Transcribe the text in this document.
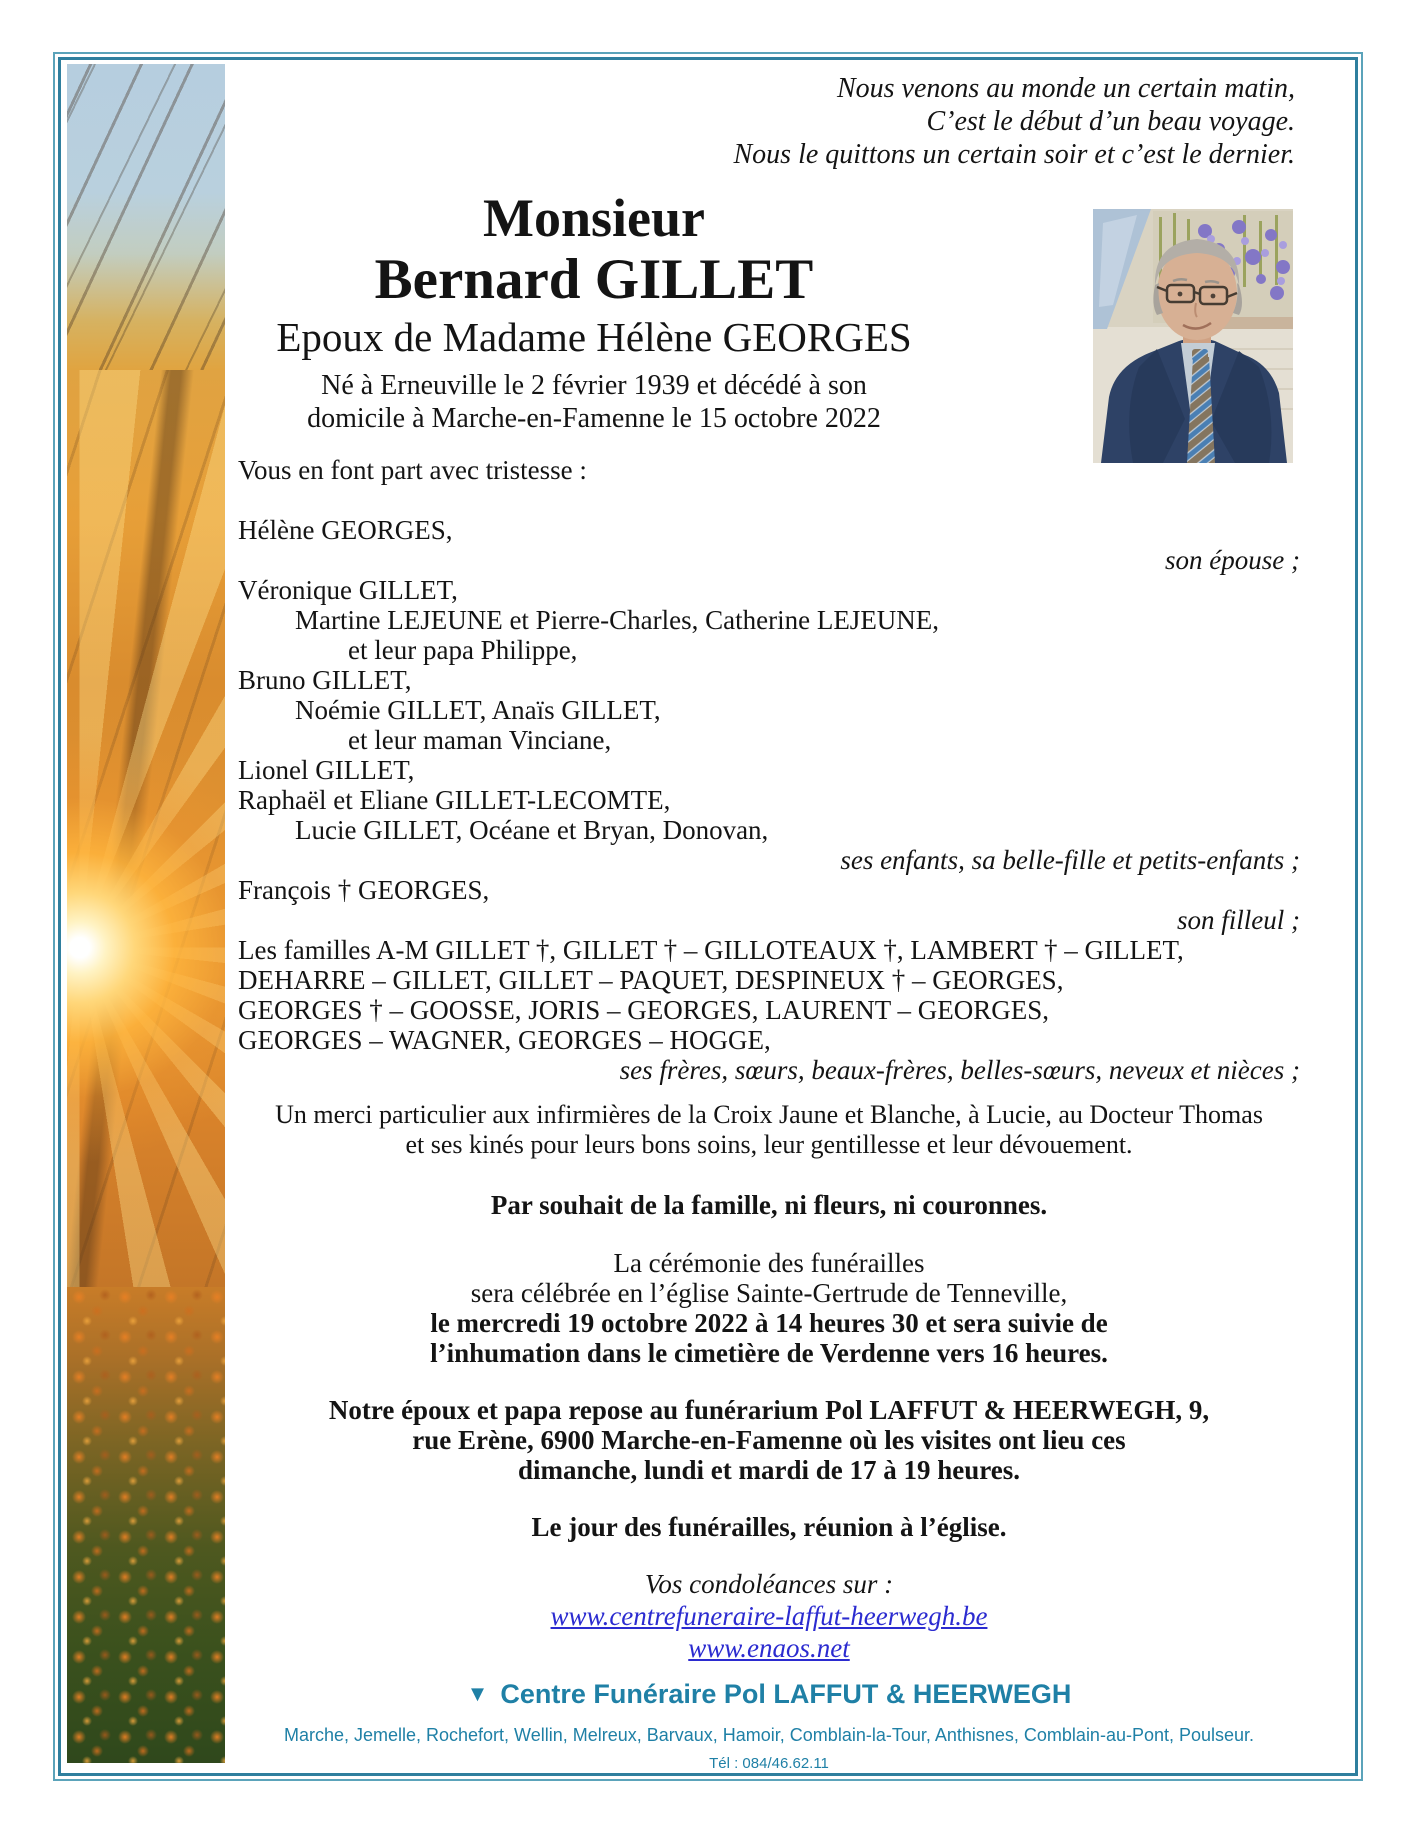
Nous venons au monde un certain matin,
C’est le début d’un beau voyage.
Nous le quittons un certain soir et c’est le dernier.
Monsieur
Bernard GILLET
Epoux de Madame Hélène GEORGES
Né à Erneuville le 2 février 1939 et décédé à son
domicile à Marche-en-Famenne le 15 octobre 2022
Vous en font part avec tristesse :
Hélène GEORGES,
son épouse ;
Véronique GILLET,
Martine LEJEUNE et Pierre-Charles, Catherine LEJEUNE,
et leur papa Philippe,
Bruno GILLET,
Noémie GILLET, Anaïs GILLET,
et leur maman Vinciane,
Lionel GILLET,
Raphaël et Eliane GILLET-LECOMTE,
Lucie GILLET, Océane et Bryan, Donovan,
ses enfants, sa belle-fille et petits-enfants ;
François † GEORGES,
son filleul ;
Les familles A-M GILLET †, GILLET † – GILLOTEAUX †, LAMBERT † – GILLET,
DEHARRE – GILLET, GILLET – PAQUET, DESPINEUX † – GEORGES,
GEORGES † – GOOSSE, JORIS – GEORGES, LAURENT – GEORGES,
GEORGES – WAGNER, GEORGES – HOGGE,
ses frères, sœurs, beaux-frères, belles-sœurs, neveux et nièces ;
Un merci particulier aux infirmières de la Croix Jaune et Blanche, à Lucie, au Docteur Thomas
et ses kinés pour leurs bons soins, leur gentillesse et leur dévouement.
Par souhait de la famille, ni fleurs, ni couronnes.
La cérémonie des funérailles
sera célébrée en l’église Sainte-Gertrude de Tenneville,
le mercredi 19 octobre 2022 à 14 heures 30 et sera suivie de
l’inhumation dans le cimetière de Verdenne vers 16 heures.
Notre époux et papa repose au funérarium Pol LAFFUT & HEERWEGH, 9,
rue Erène, 6900 Marche-en-Famenne où les visites ont lieu ces
dimanche, lundi et mardi de 17 à 19 heures.
Le jour des funérailles, réunion à l’église.
Vos condoléances sur :
www.centrefuneraire-laffut-heerwegh.be
www.enaos.net
▼ Centre Funéraire Pol LAFFUT & HEERWEGH
Marche, Jemelle, Rochefort, Wellin, Melreux, Barvaux, Hamoir, Comblain-la-Tour, Anthisnes, Comblain-au-Pont, Poulseur.
Tél : 084/46.62.11
